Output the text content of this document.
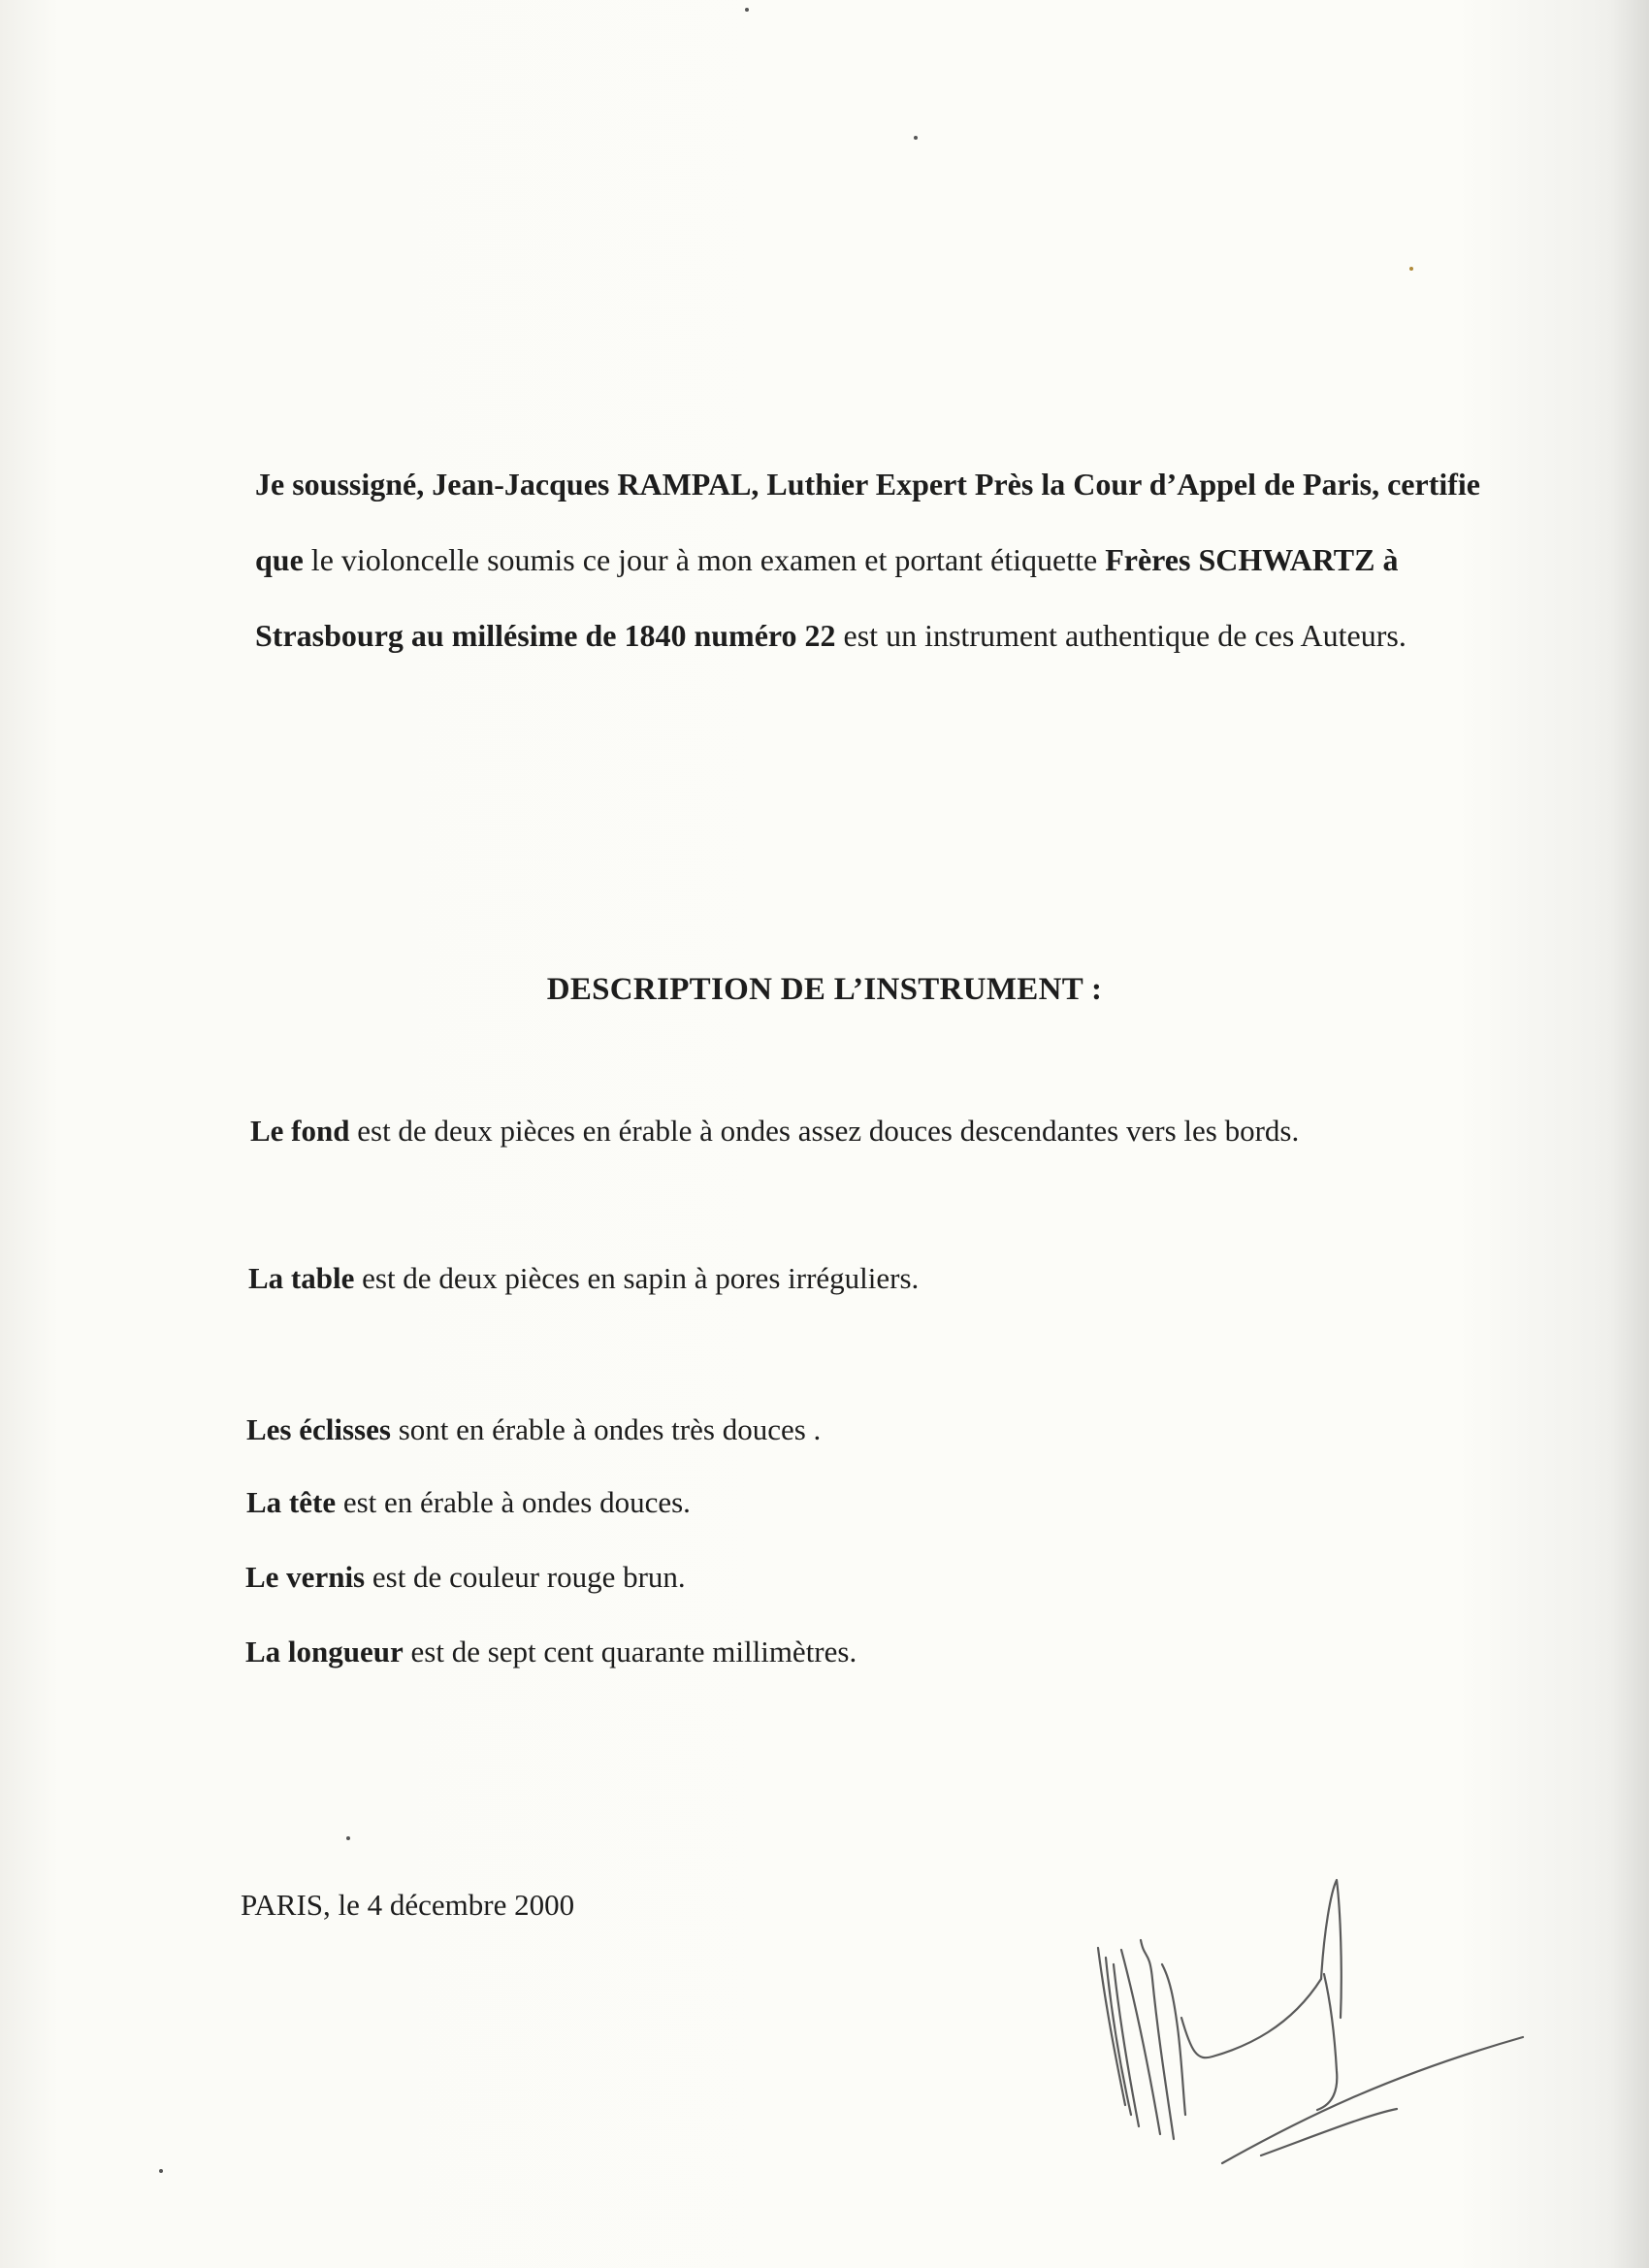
Je soussigné, Jean-Jacques RAMPAL, Luthier Expert Près la Cour d’Appel de Paris, certifie
que le violoncelle soumis ce jour à mon examen et portant étiquette Frères SCHWARTZ à
Strasbourg au millésime de 1840 numéro 22 est un instrument authentique de ces Auteurs.

DESCRIPTION DE L’INSTRUMENT :

Le fond est de deux pièces en érable à ondes assez douces descendantes vers les bords.

La table est de deux pièces en sapin à pores irréguliers.

Les éclisses sont en érable à ondes très douces .

La tête est en érable à ondes douces.

Le vernis est de couleur rouge brun.

La longueur est de sept cent quarante millimètres.

PARIS, le 4 décembre 2000
